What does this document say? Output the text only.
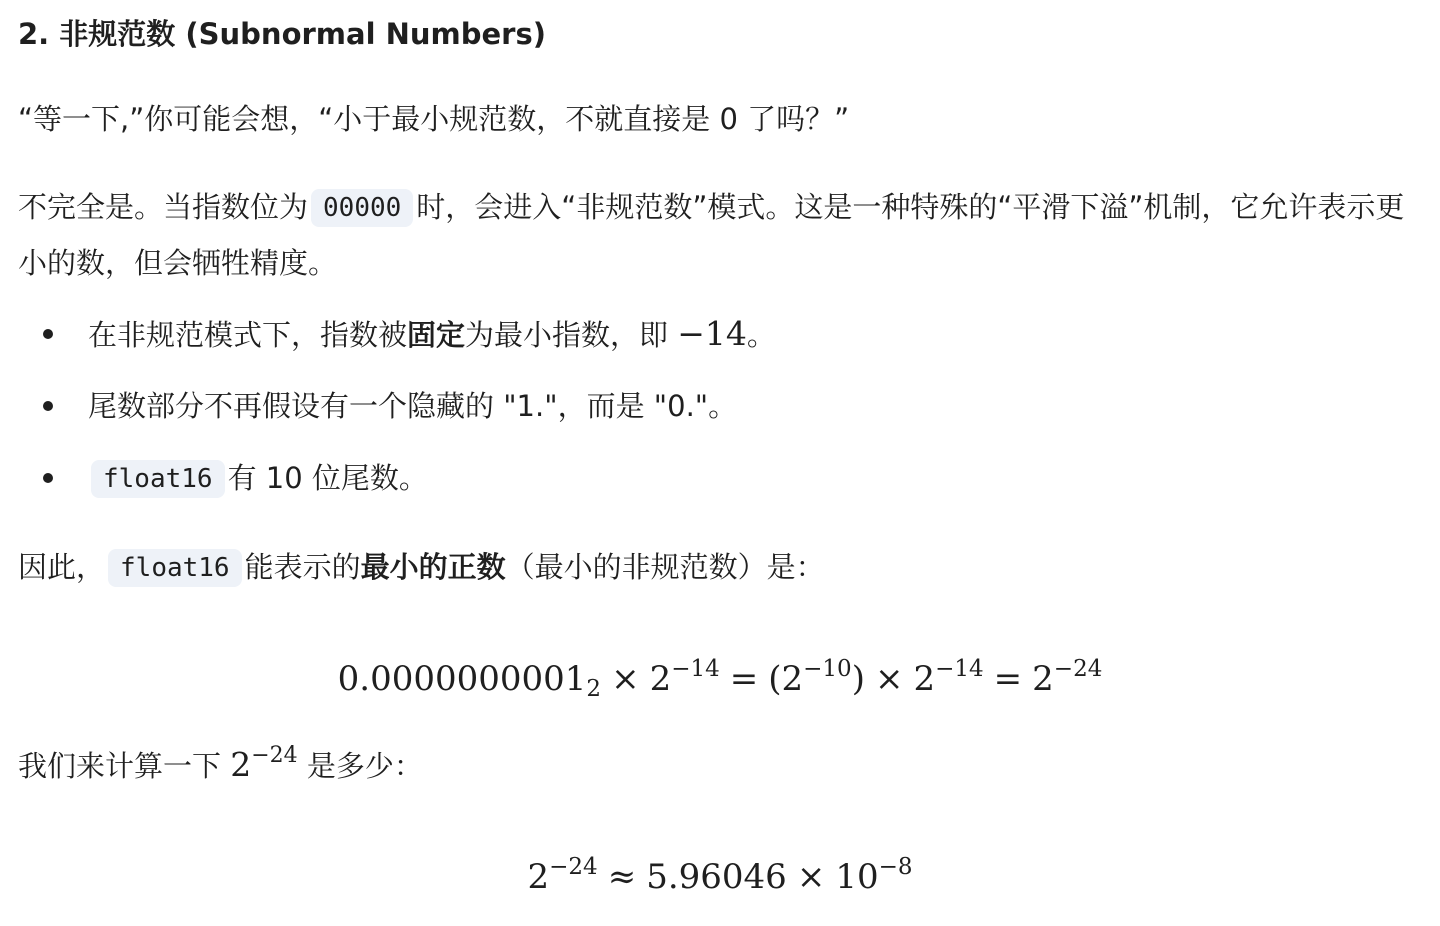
2. 非规范数 (Subnormal Numbers)
“等一下,”你可能会想，“小于最小规范数，不就直接是 0 了吗？”
不完全是。当指数位为 00000 时，会进入“非规范数”模式。这是一种特殊的“平滑下溢”机制，它允许表示更小的数，但会牺牲精度。
在非规范模式下，指数被固定为最小指数，即 −14。
尾数部分不再假设有一个隐藏的 "1."，而是 "0."。
float16 有 10 位尾数。
因此， float16 能表示的最小的正数（最小的非规范数）是：
$0.0000000001_2 \times 2^{-14} = (2^{-10}) \times 2^{-14} = 2^{-24}$
我们来计算一下 $2^{-24}$ 是多少：
$2^{-24} \approx 5.96046 \times 10^{-8}$
